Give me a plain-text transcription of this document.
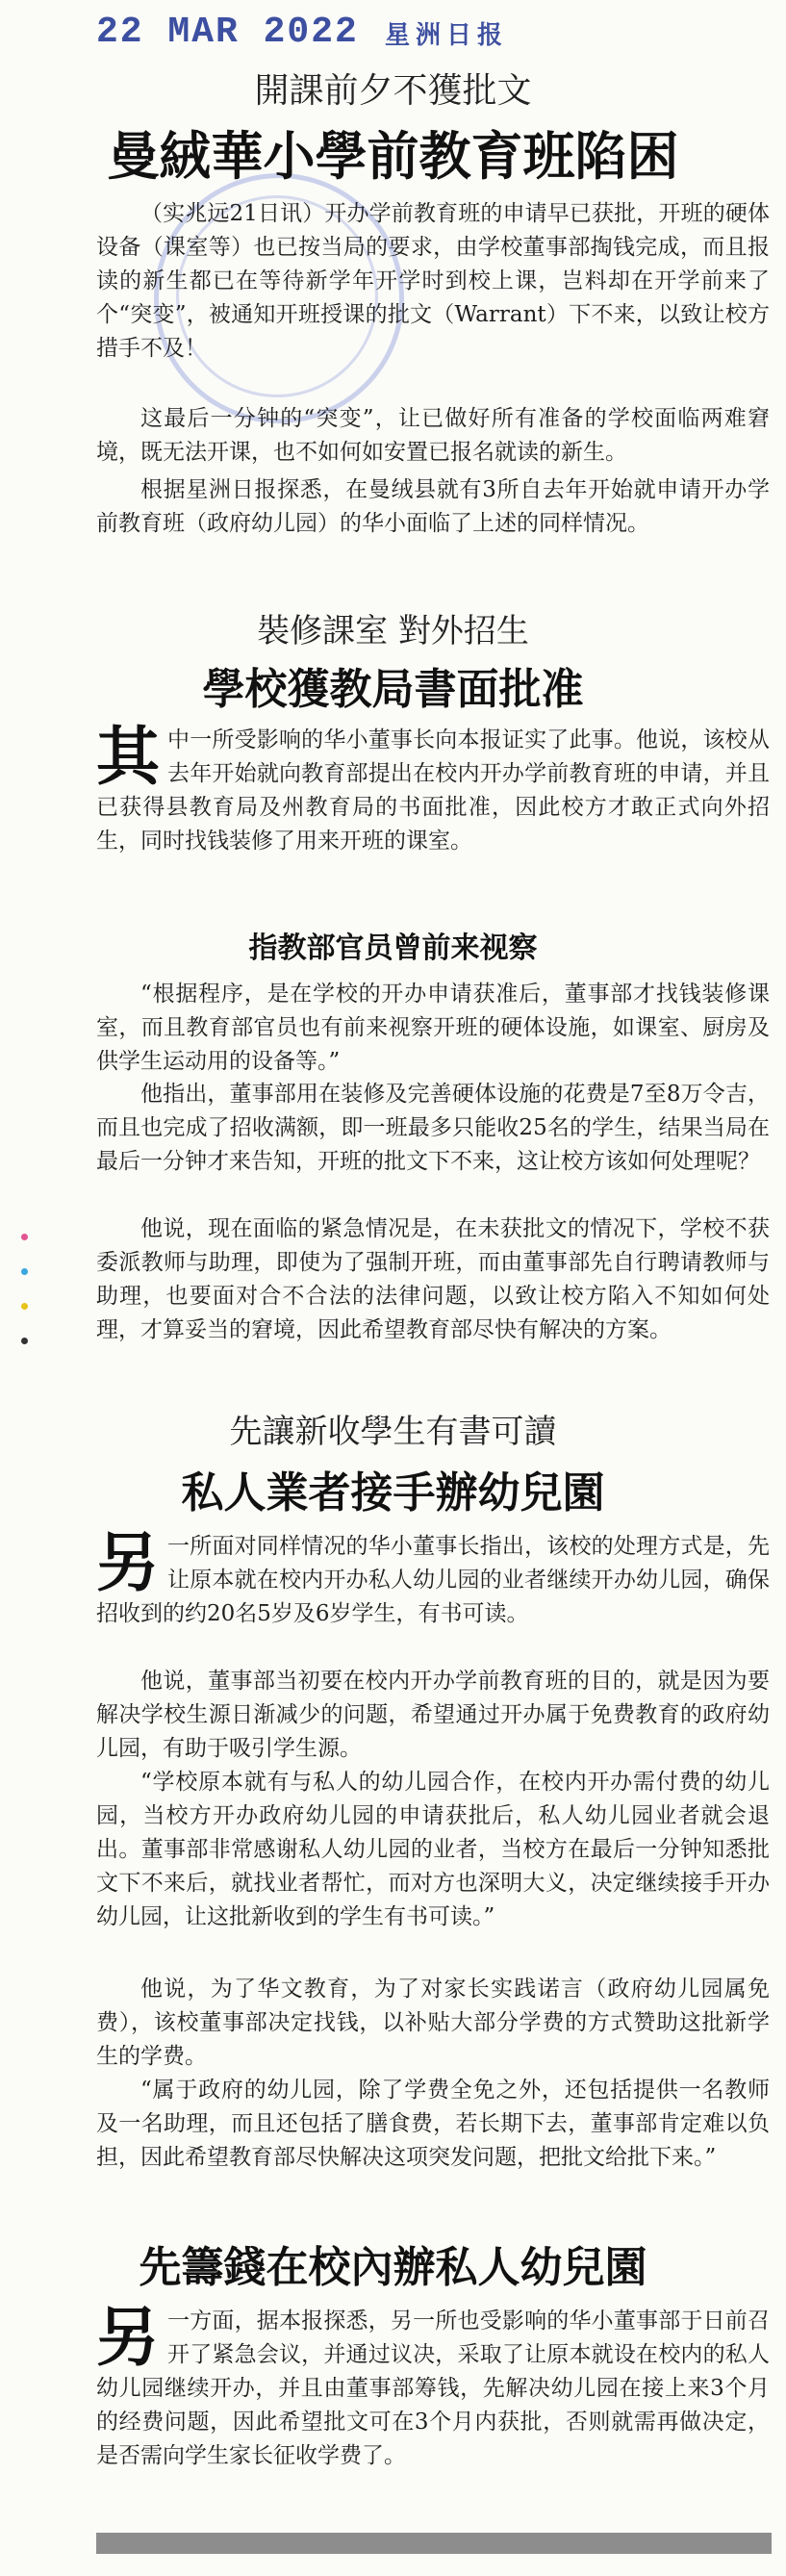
22 MAR 2022 星洲日报
開課前夕不獲批文
曼絨華小學前教育班陷困
（实兆远21日讯）开办学前教育班的申请早已获批，开班的硬体设备（课室等）也已按当局的要求，由学校董事部掏钱完成，而且报读的新生都已在等待新学年开学时到校上课，岂料却在开学前来了个“突变”，被通知开班授课的批文（Warrant）下不来，以致让校方措手不及！
这最后一分钟的“突变”，让已做好所有准备的学校面临两难窘境，既无法开课，也不如何如安置已报名就读的新生。
根据星洲日报探悉，在曼绒县就有3所自去年开始就申请开办学前教育班（政府幼儿园）的华小面临了上述的同样情况。
裝修課室 對外招生
學校獲教局書面批准
其 中一所受影响的华小董事长向本报证实了此事。他说，该校从去年开始就向教育部提出在校内开办学前教育班的申请，并且已获得县教育局及州教育局的书面批准，因此校方才敢正式向外招生，同时找钱装修了用来开班的课室。
指教部官员曾前来视察
“根据程序，是在学校的开办申请获准后，董事部才找钱装修课室，而且教育部官员也有前来视察开班的硬体设施，如课室、厨房及供学生运动用的设备等。”
他指出，董事部用在装修及完善硬体设施的花费是7至8万令吉，而且也完成了招收满额，即一班最多只能收25名的学生，结果当局在最后一分钟才来告知，开班的批文下不来，这让校方该如何处理呢？
他说，现在面临的紧急情况是，在未获批文的情况下，学校不获委派教师与助理，即使为了强制开班，而由董事部先自行聘请教师与助理，也要面对合不合法的法律问题，以致让校方陷入不知如何处理，才算妥当的窘境，因此希望教育部尽快有解决的方案。
先讓新收學生有書可讀
私人業者接手辦幼兒園
另 一所面对同样情况的华小董事长指出，该校的处理方式是，先让原本就在校内开办私人幼儿园的业者继续开办幼儿园，确保招收到的约20名5岁及6岁学生，有书可读。
他说，董事部当初要在校内开办学前教育班的目的，就是因为要解决学校生源日渐减少的问题，希望通过开办属于免费教育的政府幼儿园，有助于吸引学生源。
“学校原本就有与私人的幼儿园合作，在校内开办需付费的幼儿园，当校方开办政府幼儿园的申请获批后，私人幼儿园业者就会退出。董事部非常感谢私人幼儿园的业者，当校方在最后一分钟知悉批文下不来后，就找业者帮忙，而对方也深明大义，决定继续接手开办幼儿园，让这批新收到的学生有书可读。”
他说，为了华文教育，为了对家长实践诺言（政府幼儿园属免费），该校董事部决定找钱，以补贴大部分学费的方式赞助这批新学生的学费。
“属于政府的幼儿园，除了学费全免之外，还包括提供一名教师及一名助理，而且还包括了膳食费，若长期下去，董事部肯定难以负担，因此希望教育部尽快解决这项突发问题，把批文给批下来。”
先籌錢在校內辦私人幼兒園
另 一方面，据本报探悉，另一所也受影响的华小董事部于日前召开了紧急会议，并通过议决，采取了让原本就设在校内的私人幼儿园继续开办，并且由董事部筹钱，先解决幼儿园在接上来3个月的经费问题，因此希望批文可在3个月内获批，否则就需再做决定，是否需向学生家长征收学费了。
